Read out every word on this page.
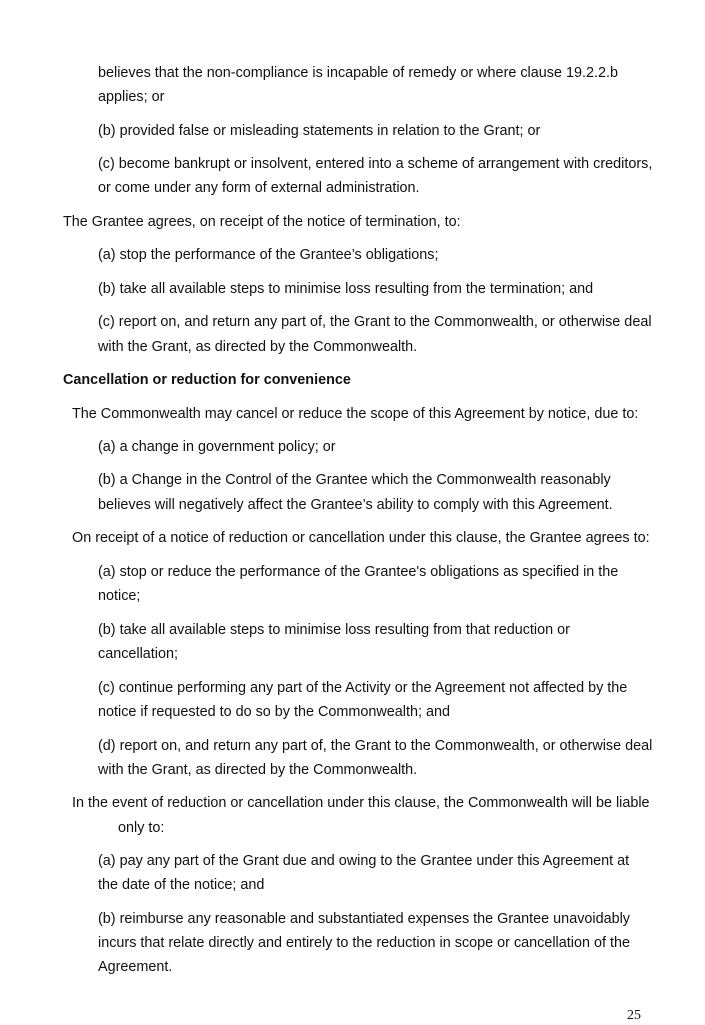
believes that the non-compliance is incapable of remedy or where clause 19.2.2.b
applies; or
(b) provided false or misleading statements in relation to the Grant; or
(c) become bankrupt or insolvent, entered into a scheme of arrangement with creditors,
or come under any form of external administration.
The Grantee agrees, on receipt of the notice of termination, to:
(a) stop the performance of the Grantee’s obligations;
(b) take all available steps to minimise loss resulting from the termination; and
(c) report on, and return any part of, the Grant to the Commonwealth, or otherwise deal
with the Grant, as directed by the Commonwealth.
Cancellation or reduction for convenience
The Commonwealth may cancel or reduce the scope of this Agreement by notice, due to:
(a) a change in government policy; or
(b) a Change in the Control of the Grantee which the Commonwealth reasonably
believes will negatively affect the Grantee’s ability to comply with this Agreement.
On receipt of a notice of reduction or cancellation under this clause, the Grantee agrees to:
(a) stop or reduce the performance of the Grantee's obligations as specified in the
notice;
(b) take all available steps to minimise loss resulting from that reduction or
cancellation;
(c) continue performing any part of the Activity or the Agreement not affected by the
notice if requested to do so by the Commonwealth; and
(d) report on, and return any part of, the Grant to the Commonwealth, or otherwise deal
with the Grant, as directed by the Commonwealth.
In the event of reduction or cancellation under this clause, the Commonwealth will be liable
only to:
(a) pay any part of the Grant due and owing to the Grantee under this Agreement at
the date of the notice; and
(b) reimburse any reasonable and substantiated expenses the Grantee unavoidably
incurs that relate directly and entirely to the reduction in scope or cancellation of the
Agreement.
25
